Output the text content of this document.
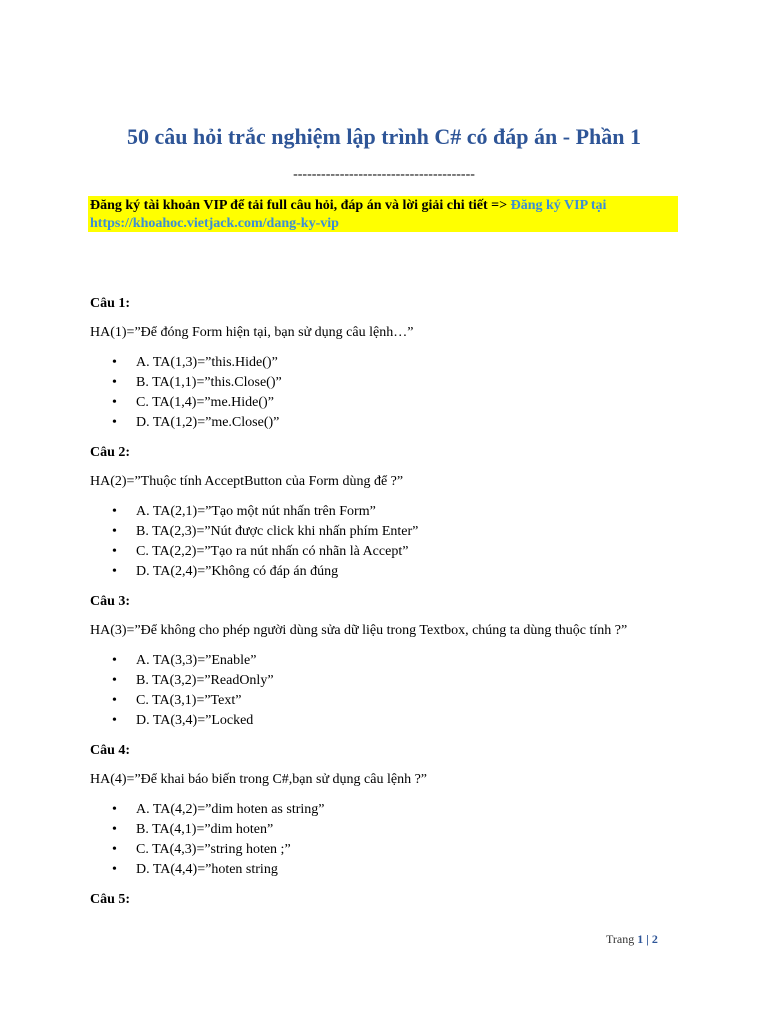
50 câu hỏi trắc nghiệm lập trình C# có đáp án - Phần 1
---------------------------------------
Đăng ký tài khoản VIP để tải full câu hỏi, đáp án và lời giải chi tiết => Đăng ký VIP tại https://khoahoc.vietjack.com/dang-ky-vip

Câu 1:

HA(1)=”Để đóng Form hiện tại, bạn sử dụng câu lệnh…”

• A. TA(1,3)=”this.Hide()”
• B. TA(1,1)=”this.Close()”
• C. TA(1,4)=”me.Hide()”
• D. TA(1,2)=”me.Close()”

Câu 2:

HA(2)=”Thuộc tính AcceptButton của Form dùng để ?”

• A. TA(2,1)=”Tạo một nút nhấn trên Form”
• B. TA(2,3)=”Nút được click khi nhấn phím Enter”
• C. TA(2,2)=”Tạo ra nút nhấn có nhãn là Accept”
• D. TA(2,4)=”Không có đáp án đúng

Câu 3:

HA(3)=”Để không cho phép người dùng sửa dữ liệu trong Textbox, chúng ta dùng thuộc tính ?”

• A. TA(3,3)=”Enable”
• B. TA(3,2)=”ReadOnly”
• C. TA(3,1)=”Text”
• D. TA(3,4)=”Locked

Câu 4:

HA(4)=”Để khai báo biến trong C#,bạn sử dụng câu lệnh ?”

• A. TA(4,2)=”dim hoten as string”
• B. TA(4,1)=”dim hoten”
• C. TA(4,3)=”string hoten ;”
• D. TA(4,4)=”hoten string

Câu 5:

Trang 1 | 2
